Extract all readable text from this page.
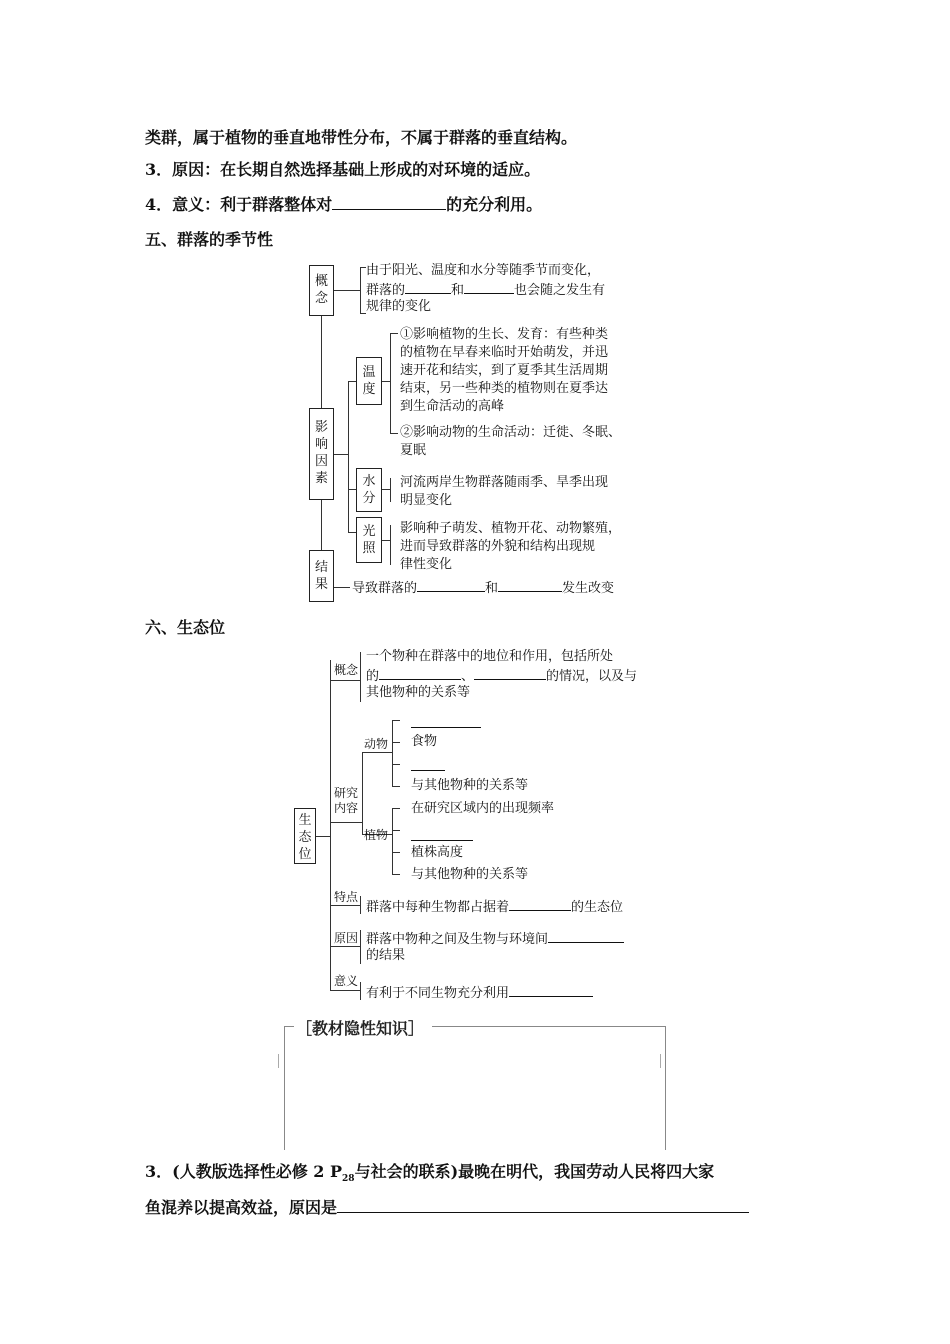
类群，属于植物的垂直地带性分布，不属于群落的垂直结构。
3．原因：在长期自然选择基础上形成的对环境的适应。
4．意义：利于群落整体对	的充分利用。
五、群落的季节性
概念
由于阳光、温度和水分等随季节而变化，
群落的	和	也会随之发生有
规律的变化
影响因素
温度
①影响植物的生长、发育：有些种类
的植物在早春来临时开始萌发，并迅
速开花和结实，到了夏季其生活周期
结束，另一些种类的植物则在夏季达
到生命活动的高峰
②影响动物的生命活动：迁徙、冬眠、
夏眠
水分
河流两岸生物群落随雨季、旱季出现
明显变化
光照
影响种子萌发、植物开花、动物繁殖，
进而导致群落的外貌和结构出现规
律性变化
结果 导致群落的	和	发生改变
六、生态位
生态位
概念
一个物种在群落中的地位和作用，包括所处
的	、	的情况，以及与
其他物种的关系等
研究内容
动物 食物
与其他物种的关系等
植物
在研究区域内的出现频率
植株高度
与其他物种的关系等
特点
群落中每种生物都占据着	的生态位
原因 群落中物种之间及生物与环境间
的结果
意义
有利于不同生物充分利用
［教材隐性知识］
3．(人教版选择性必修 2 $P_{28}$与社会的联系)最晚在明代，我国劳动人民将四大家
鱼混养以提高效益，原因是
